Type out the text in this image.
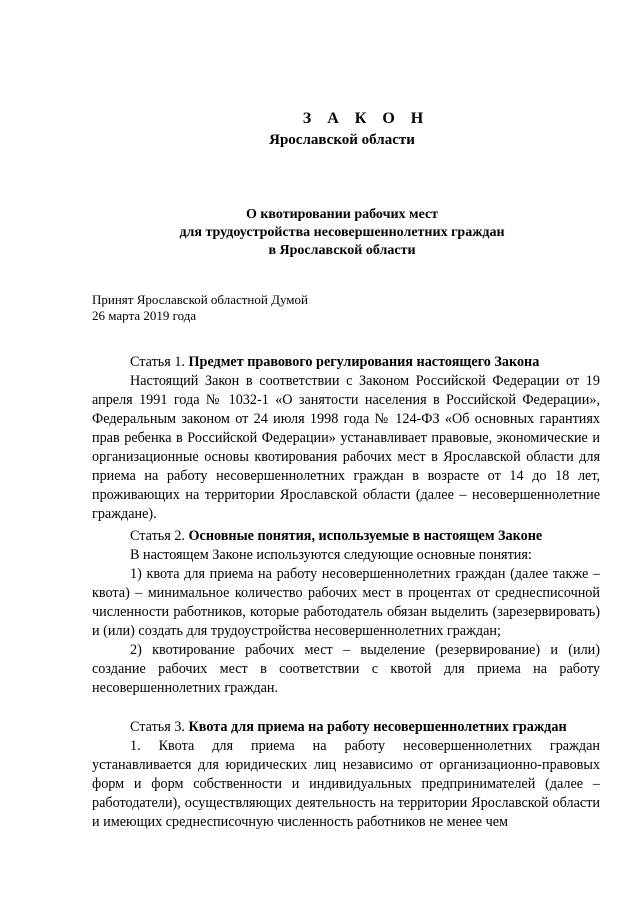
З А К О Н
Ярославской области
О квотировании рабочих мест
для трудоустройства несовершеннолетних граждан
в Ярославской области
Принят Ярославской областной Думой
26 марта 2019 года
Статья 1. Предмет правового регулирования настоящего Закона

Настоящий Закон в соответствии с Законом Российской Федерации от 19 апреля 1991 года № 1032-1 «О занятости населения в Российской Федерации», Федеральным законом от 24 июля 1998 года № 124-ФЗ «Об основных гарантиях прав ребенка в Российской Федерации» устанавливает правовые, экономические и организационные основы квотирования рабочих мест в Ярославской области для приема на работу несовершеннолетних граждан в возрасте от 14 до 18 лет, проживающих на территории Ярославской области (далее – несовершеннолетние граждане).

Статья 2. Основные понятия, используемые в настоящем Законе

В настоящем Законе используются следующие основные понятия:

1) квота для приема на работу несовершеннолетних граждан (далее также – квота) – минимальное количество рабочих мест в процентах от среднесписочной численности работников, которые работодатель обязан выделить (зарезервировать) и (или) создать для трудоустройства несовершеннолетних граждан;

2) квотирование рабочих мест – выделение (резервирование) и (или) создание рабочих мест в соответствии с квотой для приема на работу несовершеннолетних граждан.

Статья 3. Квота для приема на работу несовершеннолетних граждан

1. Квота для приема на работу несовершеннолетних граждан устанавливается для юридических лиц независимо от организационно-правовых форм и форм собственности и индивидуальных предпринимателей (далее – работодатели), осуществляющих деятельность на территории Ярославской области и имеющих среднесписочную численность работников не менее чем
